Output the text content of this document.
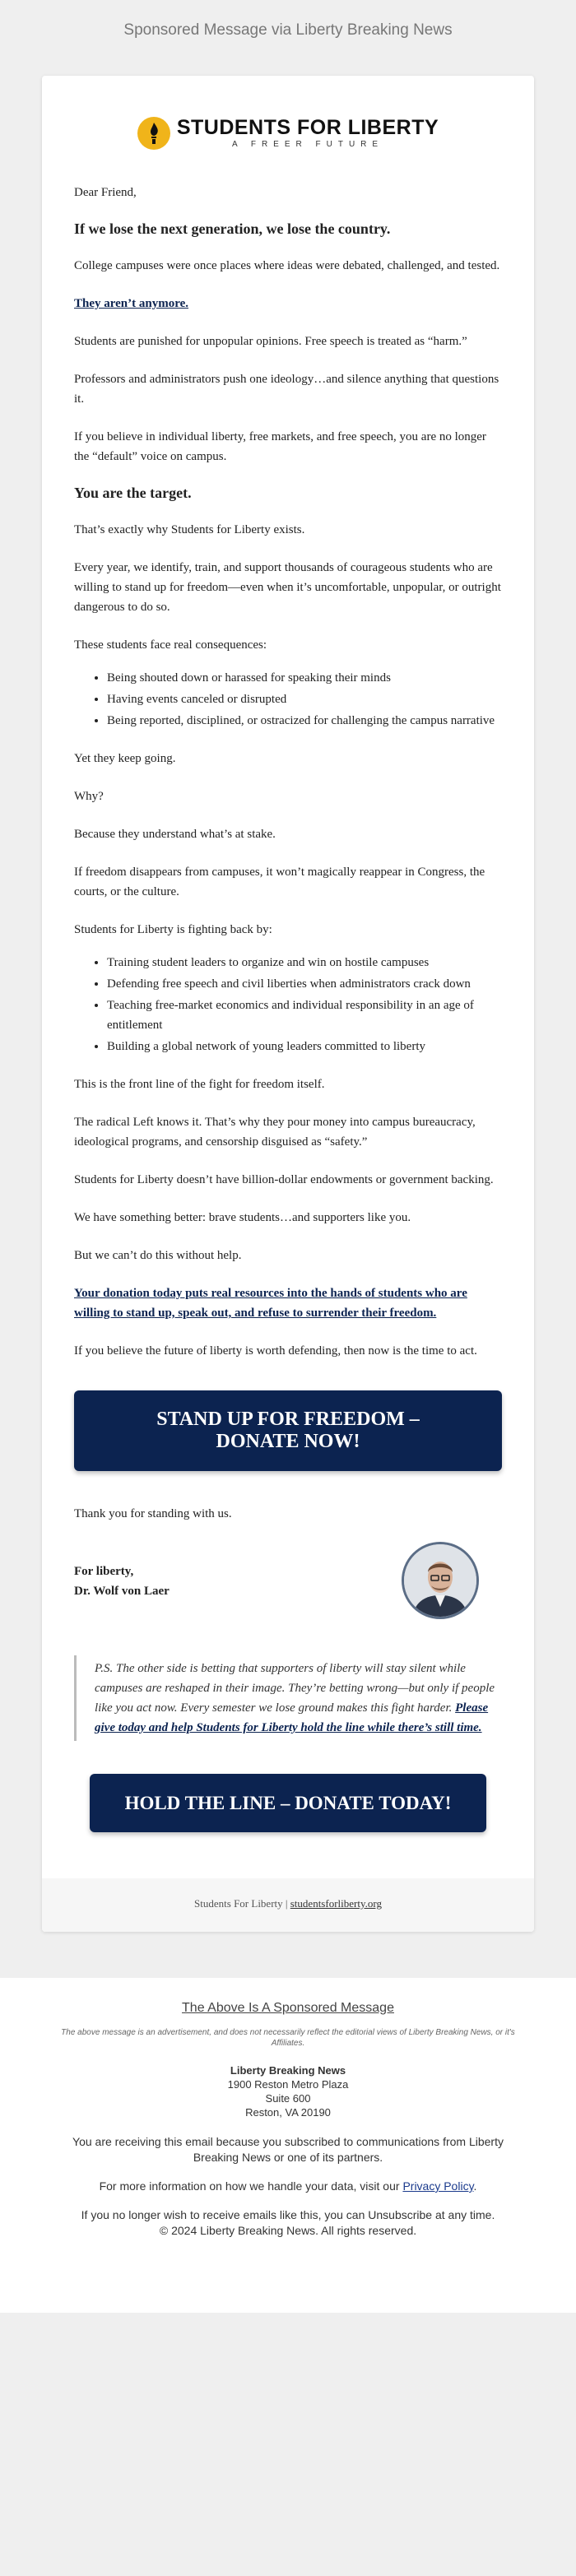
Sponsored Message via Liberty Breaking News
STUDENTS FOR LIBERTY
A FREER FUTURE

Dear Friend,

If we lose the next generation, we lose the country.

College campuses were once places where ideas were debated, challenged, and tested.

They aren’t anymore.

Students are punished for unpopular opinions. Free speech is treated as “harm.”

Professors and administrators push one ideology…and silence anything that questions it.

If you believe in individual liberty, free markets, and free speech, you are no longer the “default” voice on campus.

You are the target.

That’s exactly why Students for Liberty exists.

Every year, we identify, train, and support thousands of courageous students who are willing to stand up for freedom—even when it’s uncomfortable, unpopular, or outright dangerous to do so.

These students face real consequences:

• Being shouted down or harassed for speaking their minds
• Having events canceled or disrupted
• Being reported, disciplined, or ostracized for challenging the campus narrative

Yet they keep going.

Why?

Because they understand what’s at stake.

If freedom disappears from campuses, it won’t magically reappear in Congress, the courts, or the culture.

Students for Liberty is fighting back by:

• Training student leaders to organize and win on hostile campuses
• Defending free speech and civil liberties when administrators crack down
• Teaching free-market economics and individual responsibility in an age of entitlement
• Building a global network of young leaders committed to liberty

This is the front line of the fight for freedom itself.

The radical Left knows it. That’s why they pour money into campus bureaucracy, ideological programs, and censorship disguised as “safety.”

Students for Liberty doesn’t have billion-dollar endowments or government backing.

We have something better: brave students…and supporters like you.

But we can’t do this without help.

Your donation today puts real resources into the hands of students who are willing to stand up, speak out, and refuse to surrender their freedom.

If you believe the future of liberty is worth defending, then now is the time to act.

STAND UP FOR FREEDOM – DONATE NOW!

Thank you for standing with us.

For liberty,
Dr. Wolf von Laer
P.S. The other side is betting that supporters of liberty will stay silent while campuses are reshaped in their image. They’re betting wrong—but only if people like you act now. Every semester we lose ground makes this fight harder. Please give today and help Students for Liberty hold the line while there’s still time.
HOLD THE LINE – DONATE TODAY!
Students For Liberty | studentsforliberty.org
The Above Is A Sponsored Message
The above message is an advertisement, and does not necessarily reflect the editorial views of Liberty Breaking News, or it's Affiliates.
Liberty Breaking News
1900 Reston Metro Plaza
Suite 600
Reston, VA 20190
You are receiving this email because you subscribed to communications from Liberty Breaking News or one of its partners.
For more information on how we handle your data, visit our Privacy Policy.
If you no longer wish to receive emails like this, you can Unsubscribe at any time.
© 2024 Liberty Breaking News. All rights reserved.
